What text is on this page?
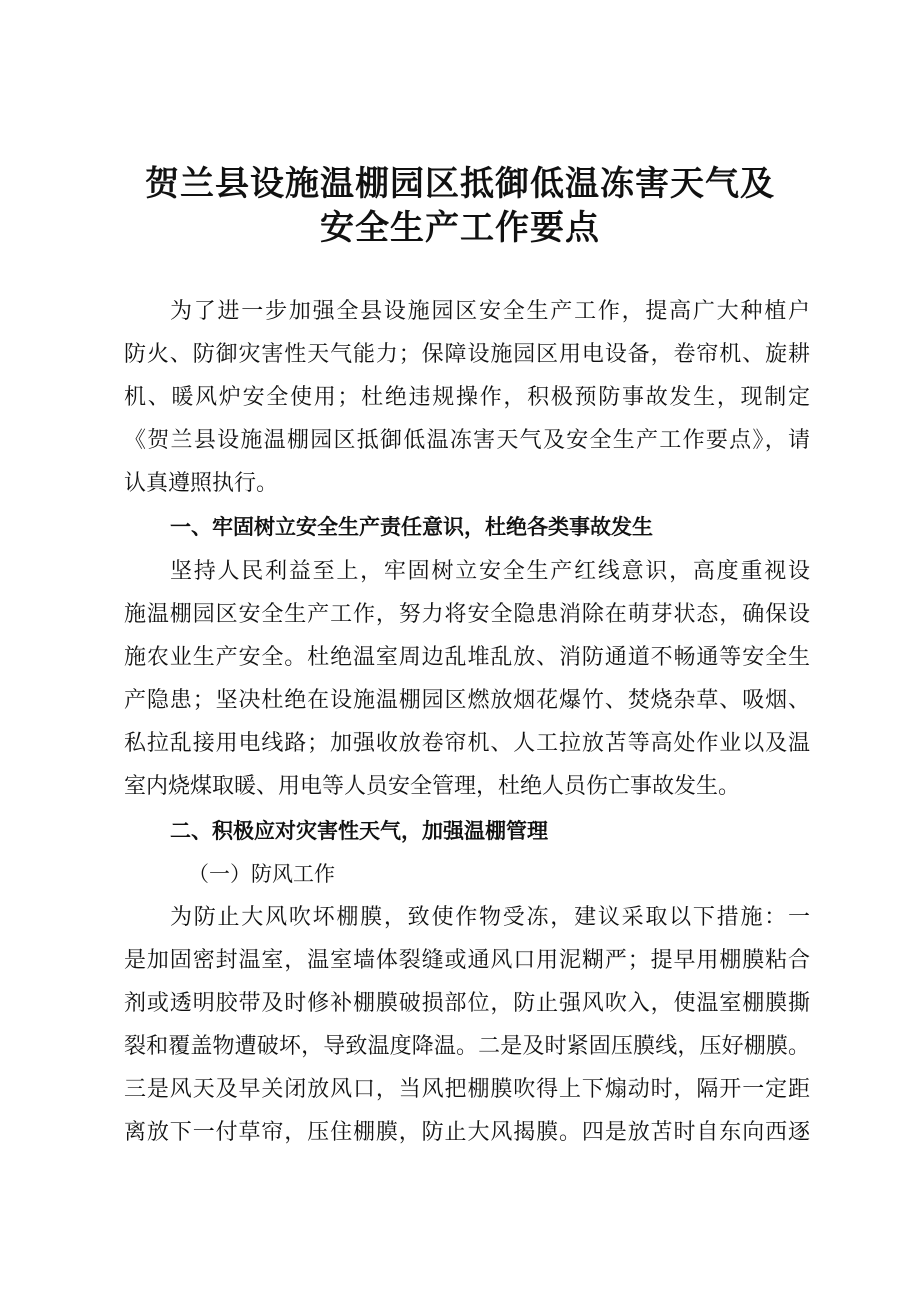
贺兰县设施温棚园区抵御低温冻害天气及
安全生产工作要点
为了进一步加强全县设施园区安全生产工作，提高广大种植户
防火、防御灾害性天气能力；保障设施园区用电设备，卷帘机、旋耕
机、暖风炉安全使用；杜绝违规操作，积极预防事故发生，现制定
《贺兰县设施温棚园区抵御低温冻害天气及安全生产工作要点》，请
认真遵照执行。
一、牢固树立安全生产责任意识，杜绝各类事故发生
坚持人民利益至上，牢固树立安全生产红线意识，高度重视设
施温棚园区安全生产工作，努力将安全隐患消除在萌芽状态，确保设
施农业生产安全。杜绝温室周边乱堆乱放、消防通道不畅通等安全生
产隐患；坚决杜绝在设施温棚园区燃放烟花爆竹、焚烧杂草、吸烟、
私拉乱接用电线路；加强收放卷帘机、人工拉放苫等高处作业以及温
室内烧煤取暖、用电等人员安全管理，杜绝人员伤亡事故发生。
二、积极应对灾害性天气，加强温棚管理
（一）防风工作
为防止大风吹坏棚膜，致使作物受冻，建议采取以下措施：一
是加固密封温室，温室墙体裂缝或通风口用泥糊严；提早用棚膜粘合
剂或透明胶带及时修补棚膜破损部位，防止强风吹入，使温室棚膜撕
裂和覆盖物遭破坏，导致温度降温。二是及时紧固压膜线，压好棚膜。
三是风天及早关闭放风口，当风把棚膜吹得上下煽动时，隔开一定距
离放下一付草帘，压住棚膜，防止大风揭膜。四是放苫时自东向西逐
